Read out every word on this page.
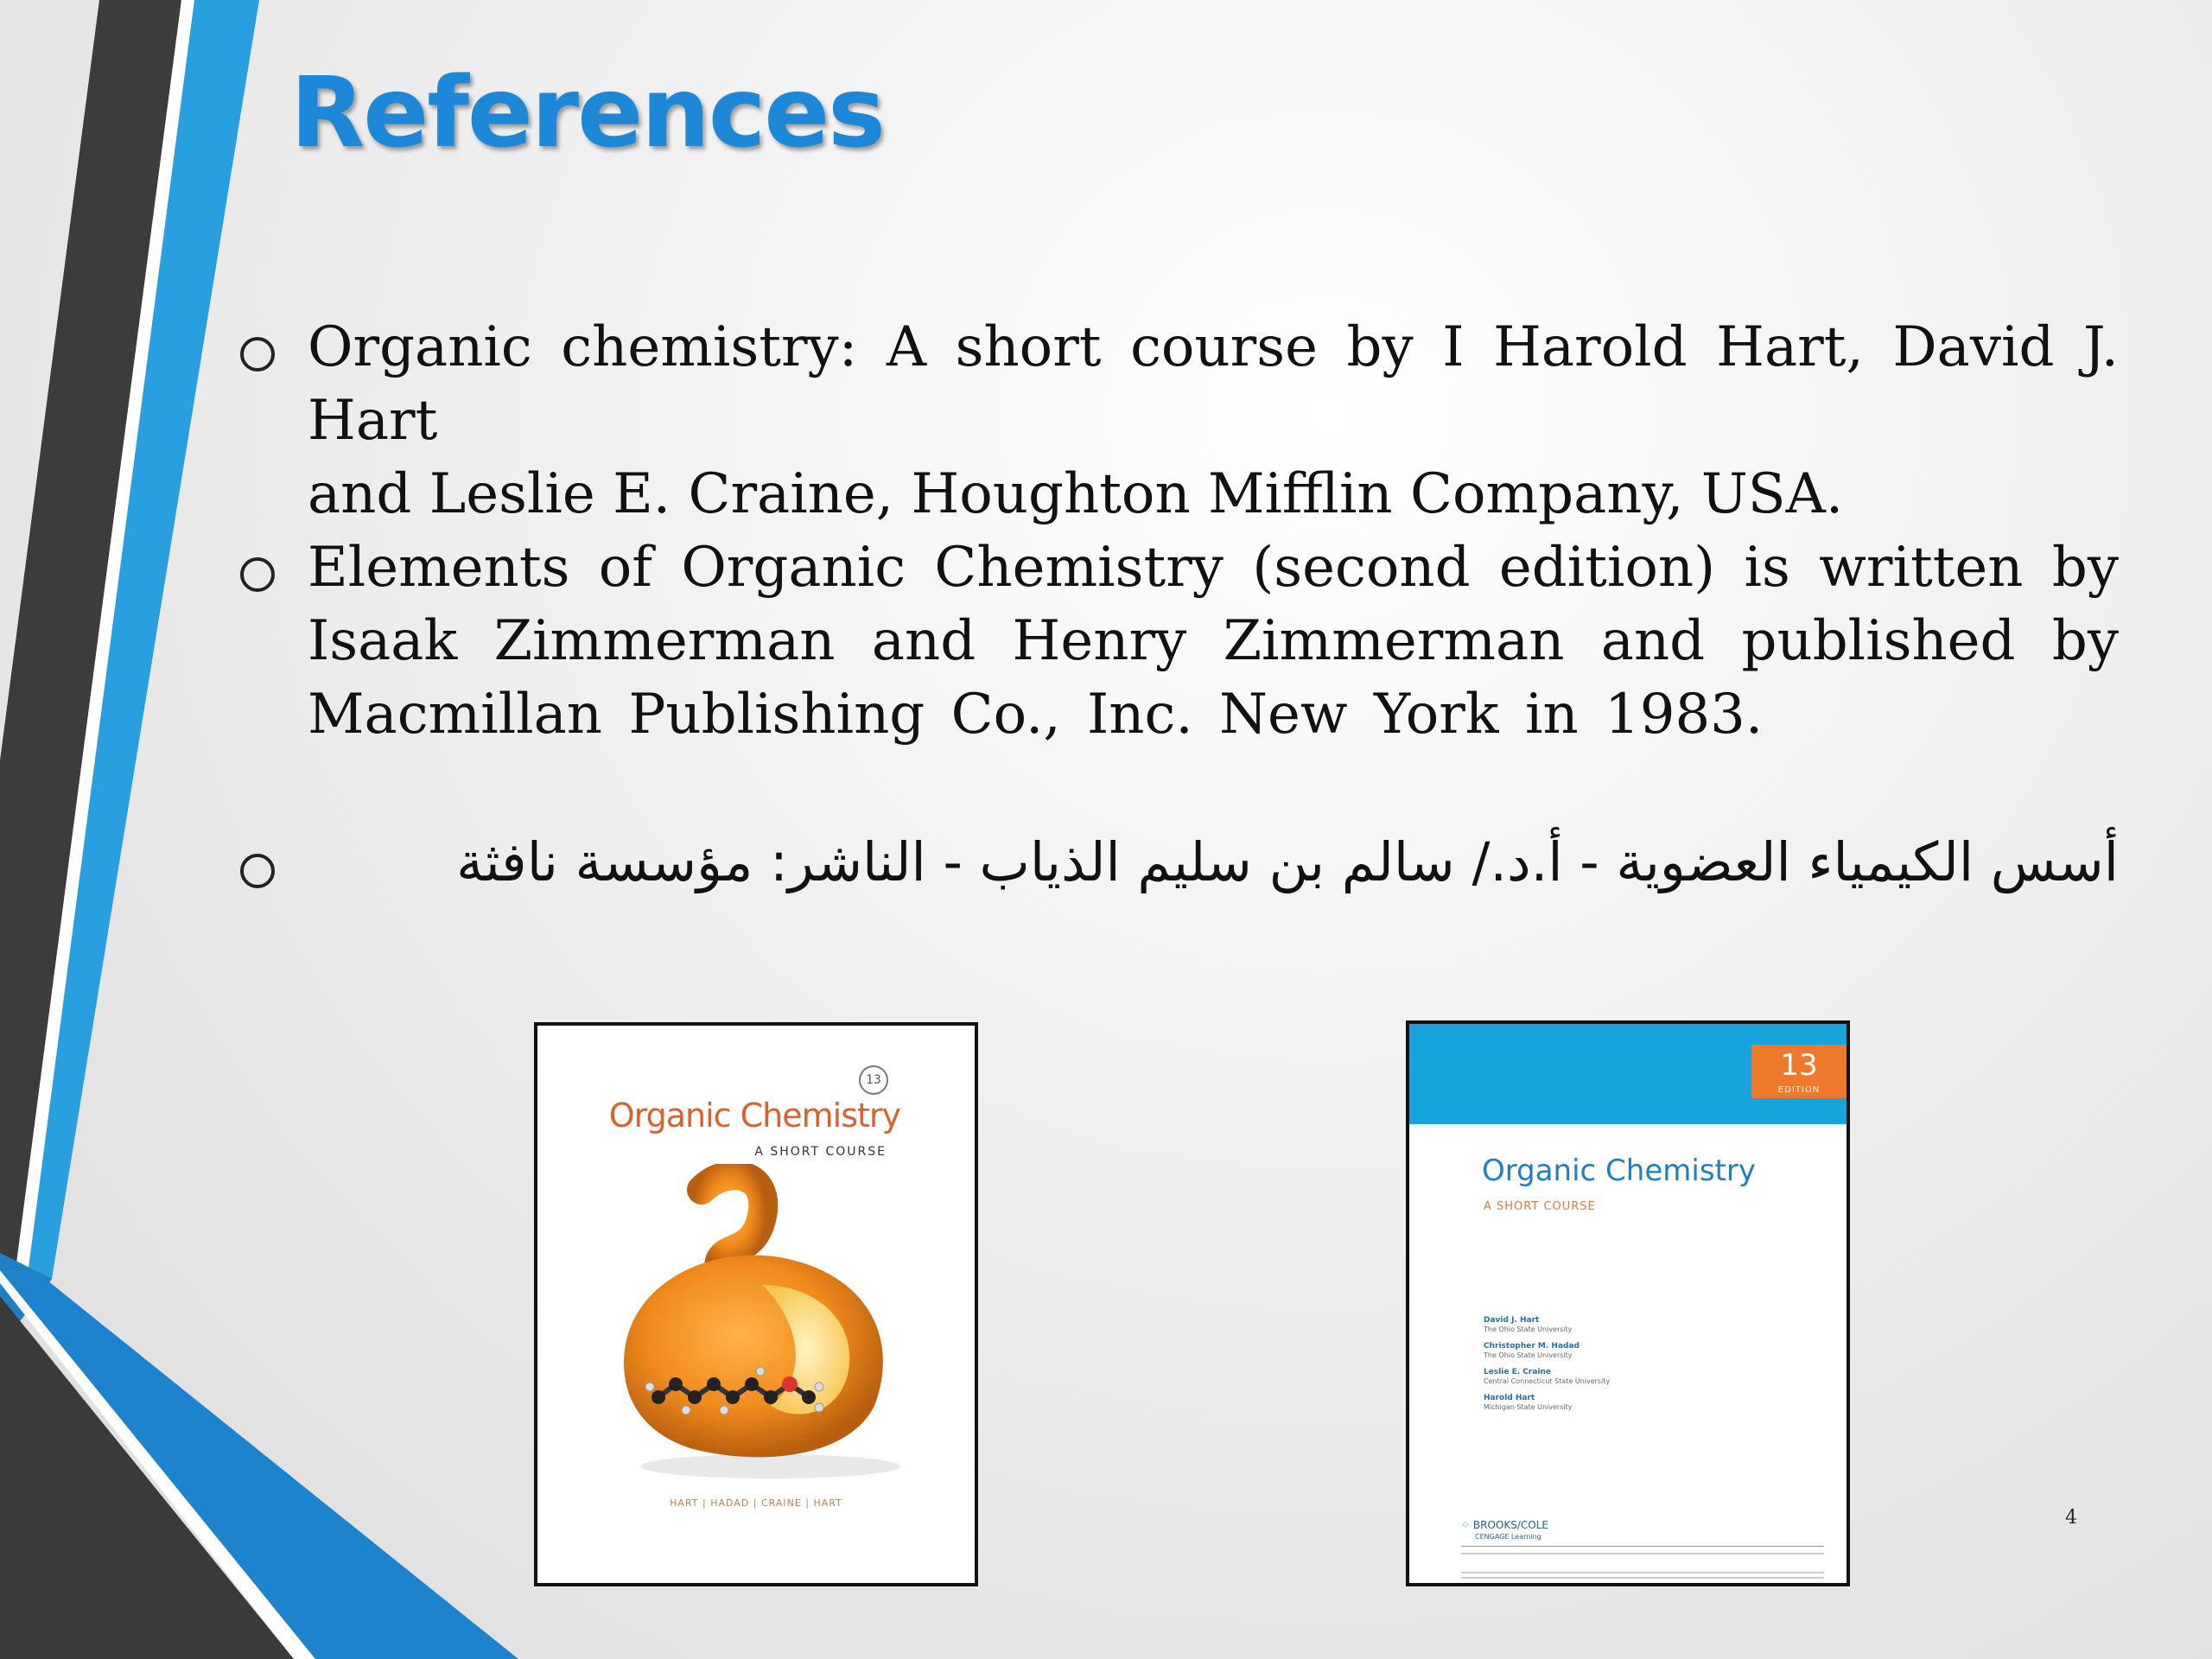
References
Organic chemistry: A short course by I Harold Hart, David J. Hart
and Leslie E. Craine, Houghton Mifflin Company, USA.
Elements of Organic Chemistry (second edition) is written by
Isaak Zimmerman and Henry Zimmerman and published by
Macmillan Publishing Co., Inc. New York in 1983.
أسس الكيمياء العضوية - أ.د./ سالم بن سليم الذياب - الناشر: مؤسسة نافثة
13
Organic Chemistry
A SHORT COURSE
HART | HADAD | CRAINE | HART
13
EDITION
Organic Chemistry
A SHORT COURSE
David J. Hart
The Ohio State University
Christopher M. Hadad
The Ohio State University
Leslie E. Craine
Central Connecticut State University
Harold Hart
Michigan State University
⁘ BROOKS/COLE
CENGAGE Learning
4
